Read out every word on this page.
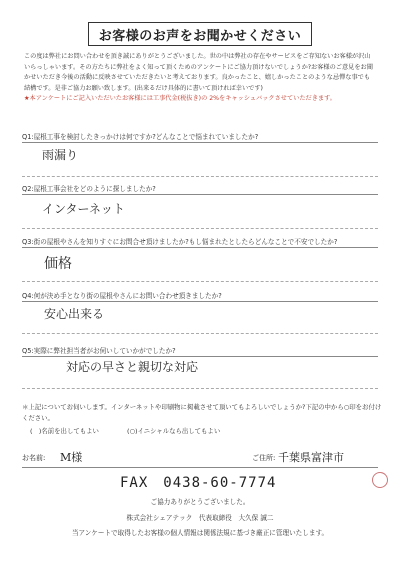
お客様のお声をお聞かせください
この度は弊社にお問い合わせを頂き誠にありがとうございました。世の中は弊社の存在やサービスをご存知ないお客様が沢山いらっしゃいます。その方たちに弊社をよく知って頂くためのアンケートにご協力頂けないでしょうか?お客様のご意見をお聞かせいただき今後の活動に反映させていただきたいと考えております。良かったこと、嬉しかったことのような忌憚な事でも結構です。是非ご協力お願い致します。(出来るだけ具体的に書いて頂ければ幸いです)
★本アンケートにご記入いただいたお客様には工事代金(税抜き)の 2%をキャッシュバックさせていただきます。
Q1:屋根工事を検討したきっかけは何ですか?どんなことで悩まれていましたか?
雨漏り
Q2:屋根工事会社をどのように探しましたか?
インターネット
Q3:街の屋根やさんを知りすぐにお問合せ頂けましたか?もし悩まれたとしたらどんなことで不安でしたか?
価格
Q4:何が決め手となり街の屋根やさんにお問い合わせ頂きましたか?
安心出来る
Q5:実際に弊社担当者がお伺いしていかがでしたか?
対応の早さと親切な対応
＊上記についてお伺いします。インターネットや印刷物に掲載させて頂いてもよろしいでしょうか?下記の中から○印をお付けください。
(　)名前を出してもよい	(○)イニシャルなら出してもよい
お名前: M様	ご住所: 千葉県富津市
FAX　0438-60-7774
ご協力ありがとうございました。
株式会社シェアテック　代表取締役　大久保 誠二
当アンケートで取得したお客様の個人情報は関係法規に基づき厳正に管理いたします。
